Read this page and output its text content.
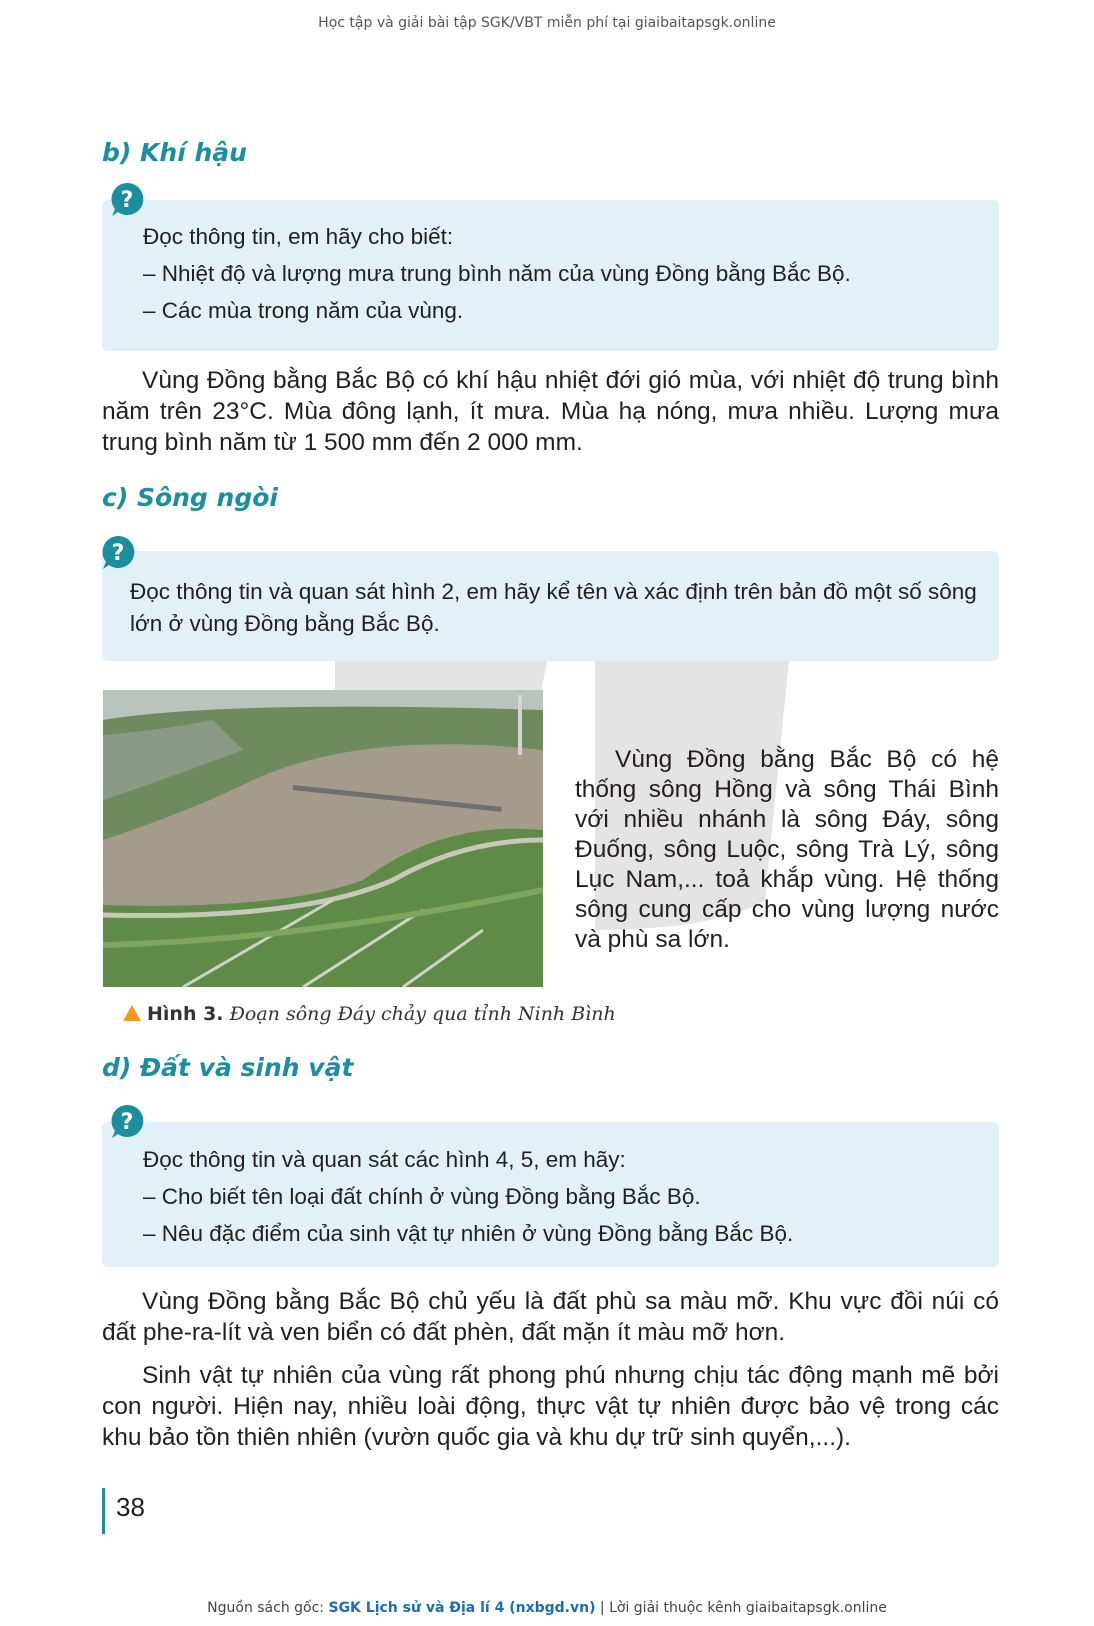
Học tập và giải bài tập SGK/VBT miễn phí tại giaibaitapsgk.online
b) Khí hậu
?
Đọc thông tin, em hãy cho biết:
– Nhiệt độ và lượng mưa trung bình năm của vùng Đồng bằng Bắc Bộ.
– Các mùa trong năm của vùng.
Vùng Đồng bằng Bắc Bộ có khí hậu nhiệt đới gió mùa, với nhiệt độ trung bình năm trên 23°C. Mùa đông lạnh, ít mưa. Mùa hạ nóng, mưa nhiều. Lượng mưa trung bình năm từ 1 500 mm đến 2 000 mm.
c) Sông ngòi
?
Đọc thông tin và quan sát hình 2, em hãy kể tên và xác định trên bản đồ một số sông lớn ở vùng Đồng bằng Bắc Bộ.
Vùng Đồng bằng Bắc Bộ có hệ thống sông Hồng và sông Thái Bình với nhiều nhánh là sông Đáy, sông Đuống, sông Luộc, sông Trà Lý, sông Lục Nam,... toả khắp vùng. Hệ thống sông cung cấp cho vùng lượng nước và phù sa lớn.
Hình 3. Đoạn sông Đáy chảy qua tỉnh Ninh Bình
d) Đất và sinh vật
?
Đọc thông tin và quan sát các hình 4, 5, em hãy:
– Cho biết tên loại đất chính ở vùng Đồng bằng Bắc Bộ.
– Nêu đặc điểm của sinh vật tự nhiên ở vùng Đồng bằng Bắc Bộ.
Vùng Đồng bằng Bắc Bộ chủ yếu là đất phù sa màu mỡ. Khu vực đồi núi có đất phe-ra-lít và ven biển có đất phèn, đất mặn ít màu mỡ hơn.
Sinh vật tự nhiên của vùng rất phong phú nhưng chịu tác động mạnh mẽ bởi con người. Hiện nay, nhiều loài động, thực vật tự nhiên được bảo vệ trong các khu bảo tồn thiên nhiên (vườn quốc gia và khu dự trữ sinh quyển,...).
38
Nguồn sách gốc: SGK Lịch sử và Địa lí 4 (nxbgd.vn) | Lời giải thuộc kênh giaibaitapsgk.online
